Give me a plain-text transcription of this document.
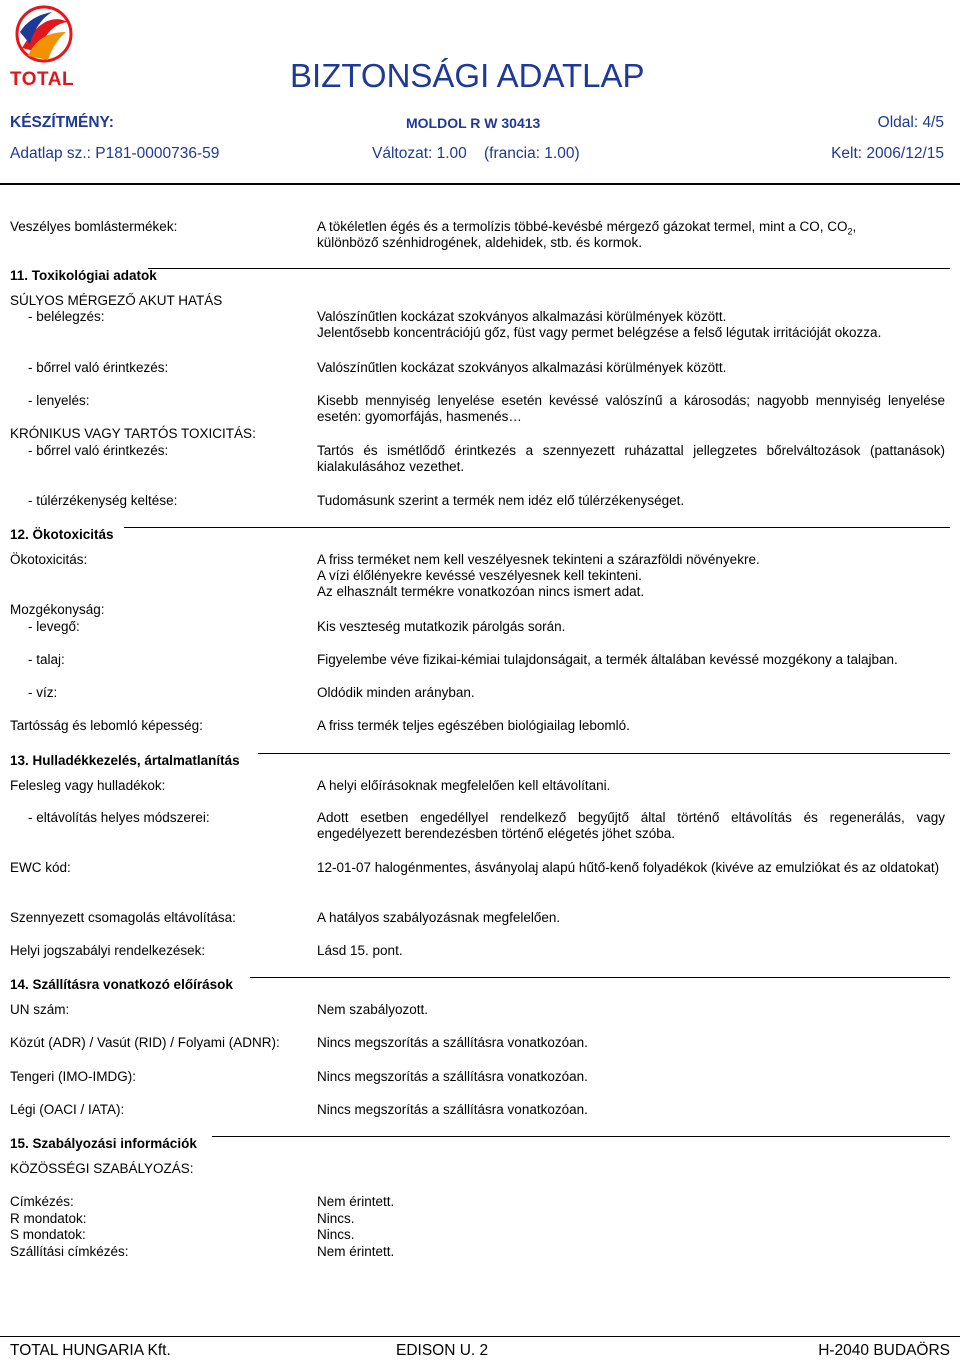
TOTAL	BIZTONSÁGI ADATLAP
KÉSZÍTMÉNY:	MOLDOL R W 30413	Oldal: 4/5
Adatlap sz.: P181-0000736-59	Változat: 1.00    (francia: 1.00)	Kelt: 2006/12/15
Veszélyes bomlástermékek:	A tökéletlen égés és a termolízis többé-kevésbé mérgező gázokat termel, mint a CO, $CO_2$,
különböző szénhidrogének, aldehidek, stb. és kormok.
11. Toxikológiai adatok
SÚLYOS MÉRGEZŐ AKUT HATÁS
- belélegzés:	Valószínűtlen kockázat szokványos alkalmazási körülmények között.
Jelentősebb koncentrációjú gőz, füst vagy permet belégzése a felső légutak irritációját okozza.
- bőrrel való érintkezés:	Valószínűtlen kockázat szokványos alkalmazási körülmények között.
- lenyelés:	Kisebb mennyiség lenyelése esetén kevéssé valószínű a károsodás; nagyobb mennyiség lenyelése esetén: gyomorfájás, hasmenés…
KRÓNIKUS VAGY TARTÓS TOXICITÁS:
- bőrrel való érintkezés:	Tartós és ismétlődő érintkezés a szennyezett ruházattal jellegzetes bőrelváltozások (pattanások) kialakulásához vezethet.
- túlérzékenység keltése:	Tudomásunk szerint a termék nem idéz elő túlérzékenységet.
12. Ökotoxicitás
Ökotoxicitás:	A friss terméket nem kell veszélyesnek tekinteni a szárazföldi növényekre.
A vízi élőlényekre kevéssé veszélyesnek kell tekinteni.
Az elhasznált termékre vonatkozóan nincs ismert adat.
Mozgékonyság:
- levegő:	Kis veszteség mutatkozik párolgás során.
- talaj:	Figyelembe véve fizikai-kémiai tulajdonságait, a termék általában kevéssé mozgékony a talajban.
- víz:	Oldódik minden arányban.
Tartósság és lebomló képesség:	A friss termék teljes egészében biológiailag lebomló.
13. Hulladékkezelés, ártalmatlanítás
Felesleg vagy hulladékok:	A helyi előírásoknak megfelelően kell eltávolítani.
- eltávolítás helyes módszerei:	Adott esetben engedéllyel rendelkező begyűjtő által történő eltávolítás és regenerálás, vagy engedélyezett berendezésben történő elégetés jöhet szóba.
EWC kód:	12-01-07 halogénmentes, ásványolaj alapú hűtő-kenő folyadékok (kivéve az emulziókat és az oldatokat)
Szennyezett csomagolás eltávolítása:	A hatályos szabályozásnak megfelelően.
Helyi jogszabályi rendelkezések:	Lásd 15. pont.
14. Szállításra vonatkozó előírások
UN szám:	Nem szabályozott.
Közút (ADR) / Vasút (RID) / Folyami (ADNR):	Nincs megszorítás a szállításra vonatkozóan.
Tengeri (IMO-IMDG):	Nincs megszorítás a szállításra vonatkozóan.
Légi (OACI / IATA):	Nincs megszorítás a szállításra vonatkozóan.
15. Szabályozási információk
KÖZÖSSÉGI SZABÁLYOZÁS:
Címkézés:	Nem érintett.
R mondatok:	Nincs.
S mondatok:	Nincs.
Szállítási címkézés:	Nem érintett.
TOTAL HUNGARIA Kft.	EDISON U. 2	H-2040 BUDAÖRS
